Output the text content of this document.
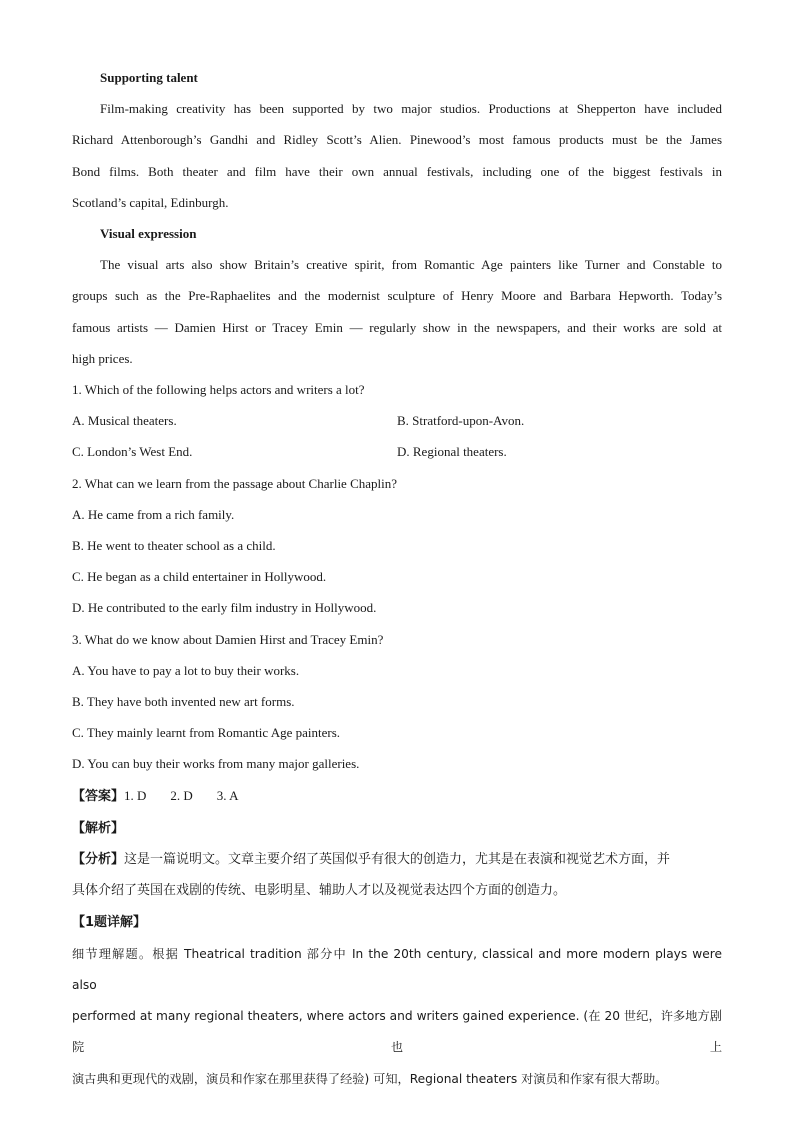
Supporting talent
Film-making creativity has been supported by two major studios. Productions at Shepperton have included
Richard Attenborough’s Gandhi and Ridley Scott’s Alien. Pinewood’s most famous products must be the James
Bond films. Both theater and film have their own annual festivals, including one of the biggest festivals in
Scotland’s capital, Edinburgh.
Visual expression
The visual arts also show Britain’s creative spirit, from Romantic Age painters like Turner and Constable to
groups such as the Pre-Raphaelites and the modernist sculpture of Henry Moore and Barbara Hepworth. Today’s
famous artists — Damien Hirst or Tracey Emin — regularly show in the newspapers, and their works are sold at
high prices.
1. Which of the following helps actors and writers a lot?
A. Musical theaters.	B. Stratford-upon-Avon.
C. London’s West End.	D. Regional theaters.
2. What can we learn from the passage about Charlie Chaplin?
A. He came from a rich family.
B. He went to theater school as a child.
C. He began as a child entertainer in Hollywood.
D. He contributed to the early film industry in Hollywood.
3. What do we know about Damien Hirst and Tracey Emin?
A. You have to pay a lot to buy their works.
B. They have both invented new art forms.
C. They mainly learnt from Romantic Age painters.
D. You can buy their works from many major galleries.
【答案】1. D 2. D 3. A
【解析】
【分析】这是一篇说明文。文章主要介绍了英国似乎有很大的创造力，尤其是在表演和视觉艺术方面，并
具体介绍了英国在戏剧的传统、电影明星、辅助人才以及视觉表达四个方面的创造力。
【1题详解】
细节理解题。根据 Theatrical tradition 部分中 In the 20th century, classical and more modern plays were also
performed at many regional theaters, where actors and writers gained experience. (在 20 世纪，许多地方剧院也上
演古典和更现代的戏剧，演员和作家在那里获得了经验) 可知，Regional theaters 对演员和作家有很大帮助。
